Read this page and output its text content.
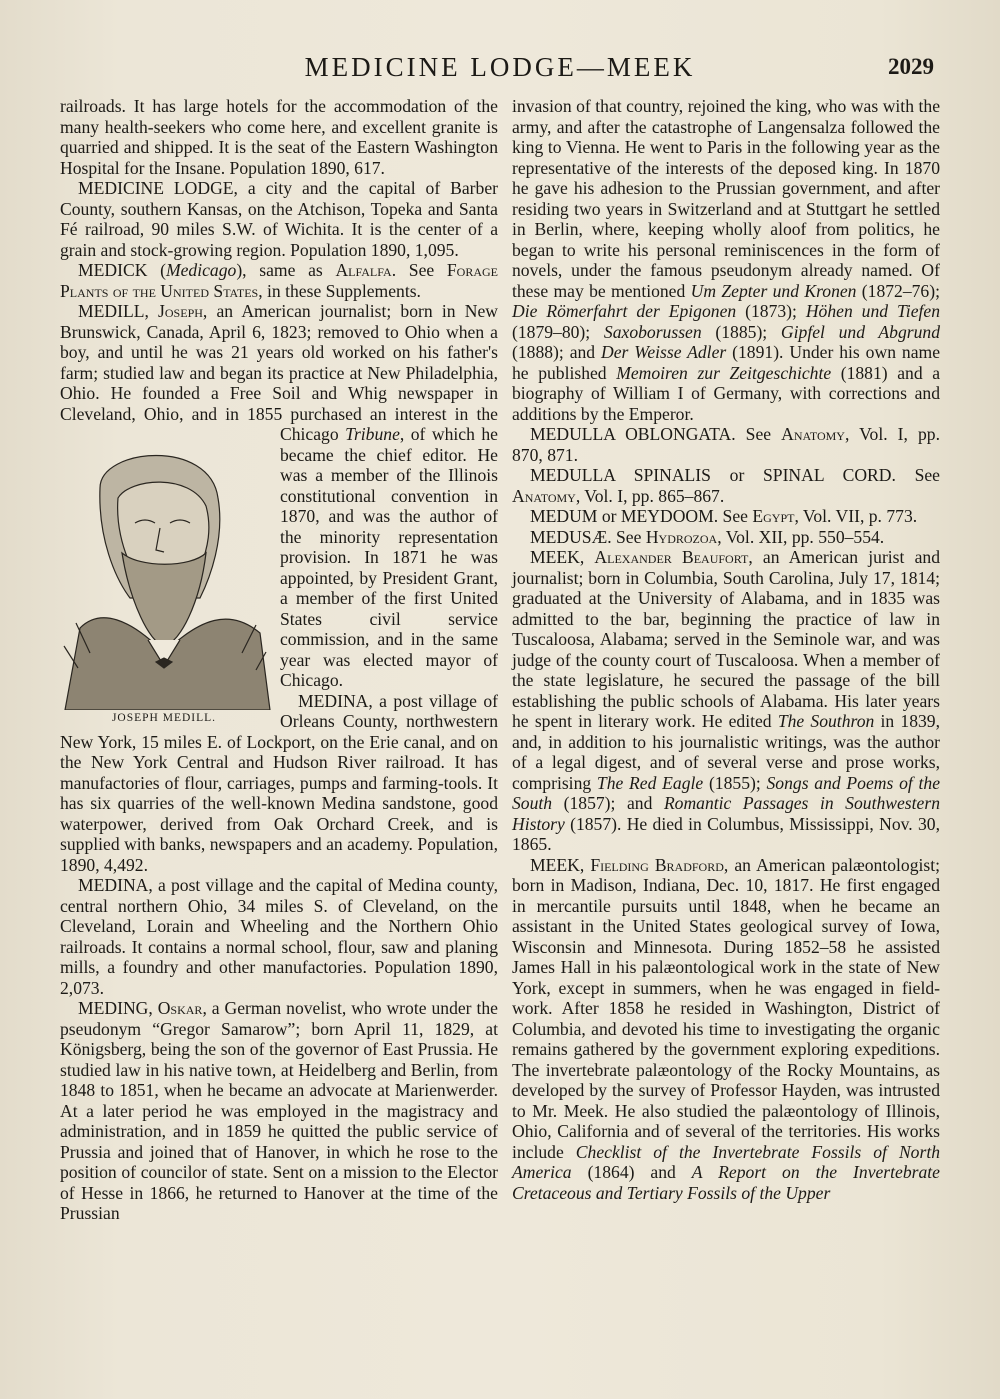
MEDICINE LODGE—MEEK	2029

railroads. It has large hotels for the accommodation of the many health-seekers who come here, and excellent granite is quarried and shipped. It is the seat of the Eastern Washington Hospital for the Insane. Population 1890, 617.

MEDICINE LODGE, a city and the capital of Barber County, southern Kansas, on the Atchison, Topeka and Santa Fé railroad, 90 miles S.W. of Wichita. It is the center of a grain and stock-growing region. Population 1890, 1,095.

MEDICK (Medicago), same as Alfalfa. See Forage Plants of the United States, in these Supplements.

MEDILL, Joseph, an American journalist; born in New Brunswick, Canada, April 6, 1823; removed to Ohio when a boy, and until he was 21 years old worked on his father's farm; studied law and began its practice at New Philadelphia, Ohio. He founded a Free Soil and Whig newspaper in Cleveland, Ohio, and in 1855 purchased an interest in the Chicago
JOSEPH MEDILL.
Tribune, of which he became the chief editor. He was a member of the Illinois constitutional convention in 1870, and was the author of the minority representation provision. In 1871 he was appointed, by President Grant, a member of the first United States civil service commission, and in the same year was elected mayor of Chicago.

MEDINA, a post village of Orleans County, northwestern New York, 15 miles E. of Lockport, on the Erie canal, and on the New York Central and Hudson River railroad. It has manufactories of flour, carriages, pumps and farming-tools. It has six quarries of the well-known Medina sandstone, good waterpower, derived from Oak Orchard Creek, and is supplied with banks, newspapers and an academy. Population, 1890, 4,492.

MEDINA, a post village and the capital of Medina county, central northern Ohio, 34 miles S. of Cleveland, on the Cleveland, Lorain and Wheeling and the Northern Ohio railroads. It contains a normal school, flour, saw and planing mills, a foundry and other manufactories. Population 1890, 2,073.

MEDING, Oskar, a German novelist, who wrote under the pseudonym “Gregor Samarow”; born April 11, 1829, at Königsberg, being the son of the governor of East Prussia. He studied law in his native town, at Heidelberg and Berlin, from 1848 to 1851, when he became an advocate at Marienwerder. At a later period he was employed in the magistracy and administration, and in 1859 he quitted the public service of Prussia and joined that of Hanover, in which he rose to the position of councilor of state. Sent on a mission to the Elector of Hesse in 1866, he returned to Hanover at the time of the Prussian

invasion of that country, rejoined the king, who was with the army, and after the catastrophe of Langensalza followed the king to Vienna. He went to Paris in the following year as the representative of the interests of the deposed king. In 1870 he gave his adhesion to the Prussian government, and after residing two years in Switzerland and at Stuttgart he settled in Berlin, where, keeping wholly aloof from politics, he began to write his personal reminiscences in the form of novels, under the famous pseudonym already named. Of these may be mentioned Um Zepter und Kronen (1872–76); Die Römerfahrt der Epigonen (1873); Höhen und Tiefen (1879–80); Saxoborussen (1885); Gipfel und Abgrund (1888); and Der Weisse Adler (1891). Under his own name he published Memoiren zur Zeitgeschichte (1881) and a biography of William I of Germany, with corrections and additions by the Emperor.

MEDULLA OBLONGATA. See Anatomy, Vol. I, pp. 870, 871.

MEDULLA SPINALIS or SPINAL CORD. See Anatomy, Vol. I, pp. 865–867.

MEDUM or MEYDOOM. See Egypt, Vol. VII, p. 773.

MEDUSÆ. See Hydrozoa, Vol. XII, pp. 550–554.

MEEK, Alexander Beaufort, an American jurist and journalist; born in Columbia, South Carolina, July 17, 1814; graduated at the University of Alabama, and in 1835 was admitted to the bar, beginning the practice of law in Tuscaloosa, Alabama; served in the Seminole war, and was judge of the county court of Tuscaloosa. When a member of the state legislature, he secured the passage of the bill establishing the public schools of Alabama. His later years he spent in literary work. He edited The Southron in 1839, and, in addition to his journalistic writings, was the author of a legal digest, and of several verse and prose works, comprising The Red Eagle (1855); Songs and Poems of the South (1857); and Romantic Passages in Southwestern History (1857). He died in Columbus, Mississippi, Nov. 30, 1865.

MEEK, Fielding Bradford, an American palæontologist; born in Madison, Indiana, Dec. 10, 1817. He first engaged in mercantile pursuits until 1848, when he became an assistant in the United States geological survey of Iowa, Wisconsin and Minnesota. During 1852–58 he assisted James Hall in his palæontological work in the state of New York, except in summers, when he was engaged in field-work. After 1858 he resided in Washington, District of Columbia, and devoted his time to investigating the organic remains gathered by the government exploring expeditions. The invertebrate palæontology of the Rocky Mountains, as developed by the survey of Professor Hayden, was intrusted to Mr. Meek. He also studied the palæontology of Illinois, Ohio, California and of several of the territories. His works include Checklist of the Invertebrate Fossils of North America (1864) and A Report on the Invertebrate Cretaceous and Tertiary Fossils of the Upper
